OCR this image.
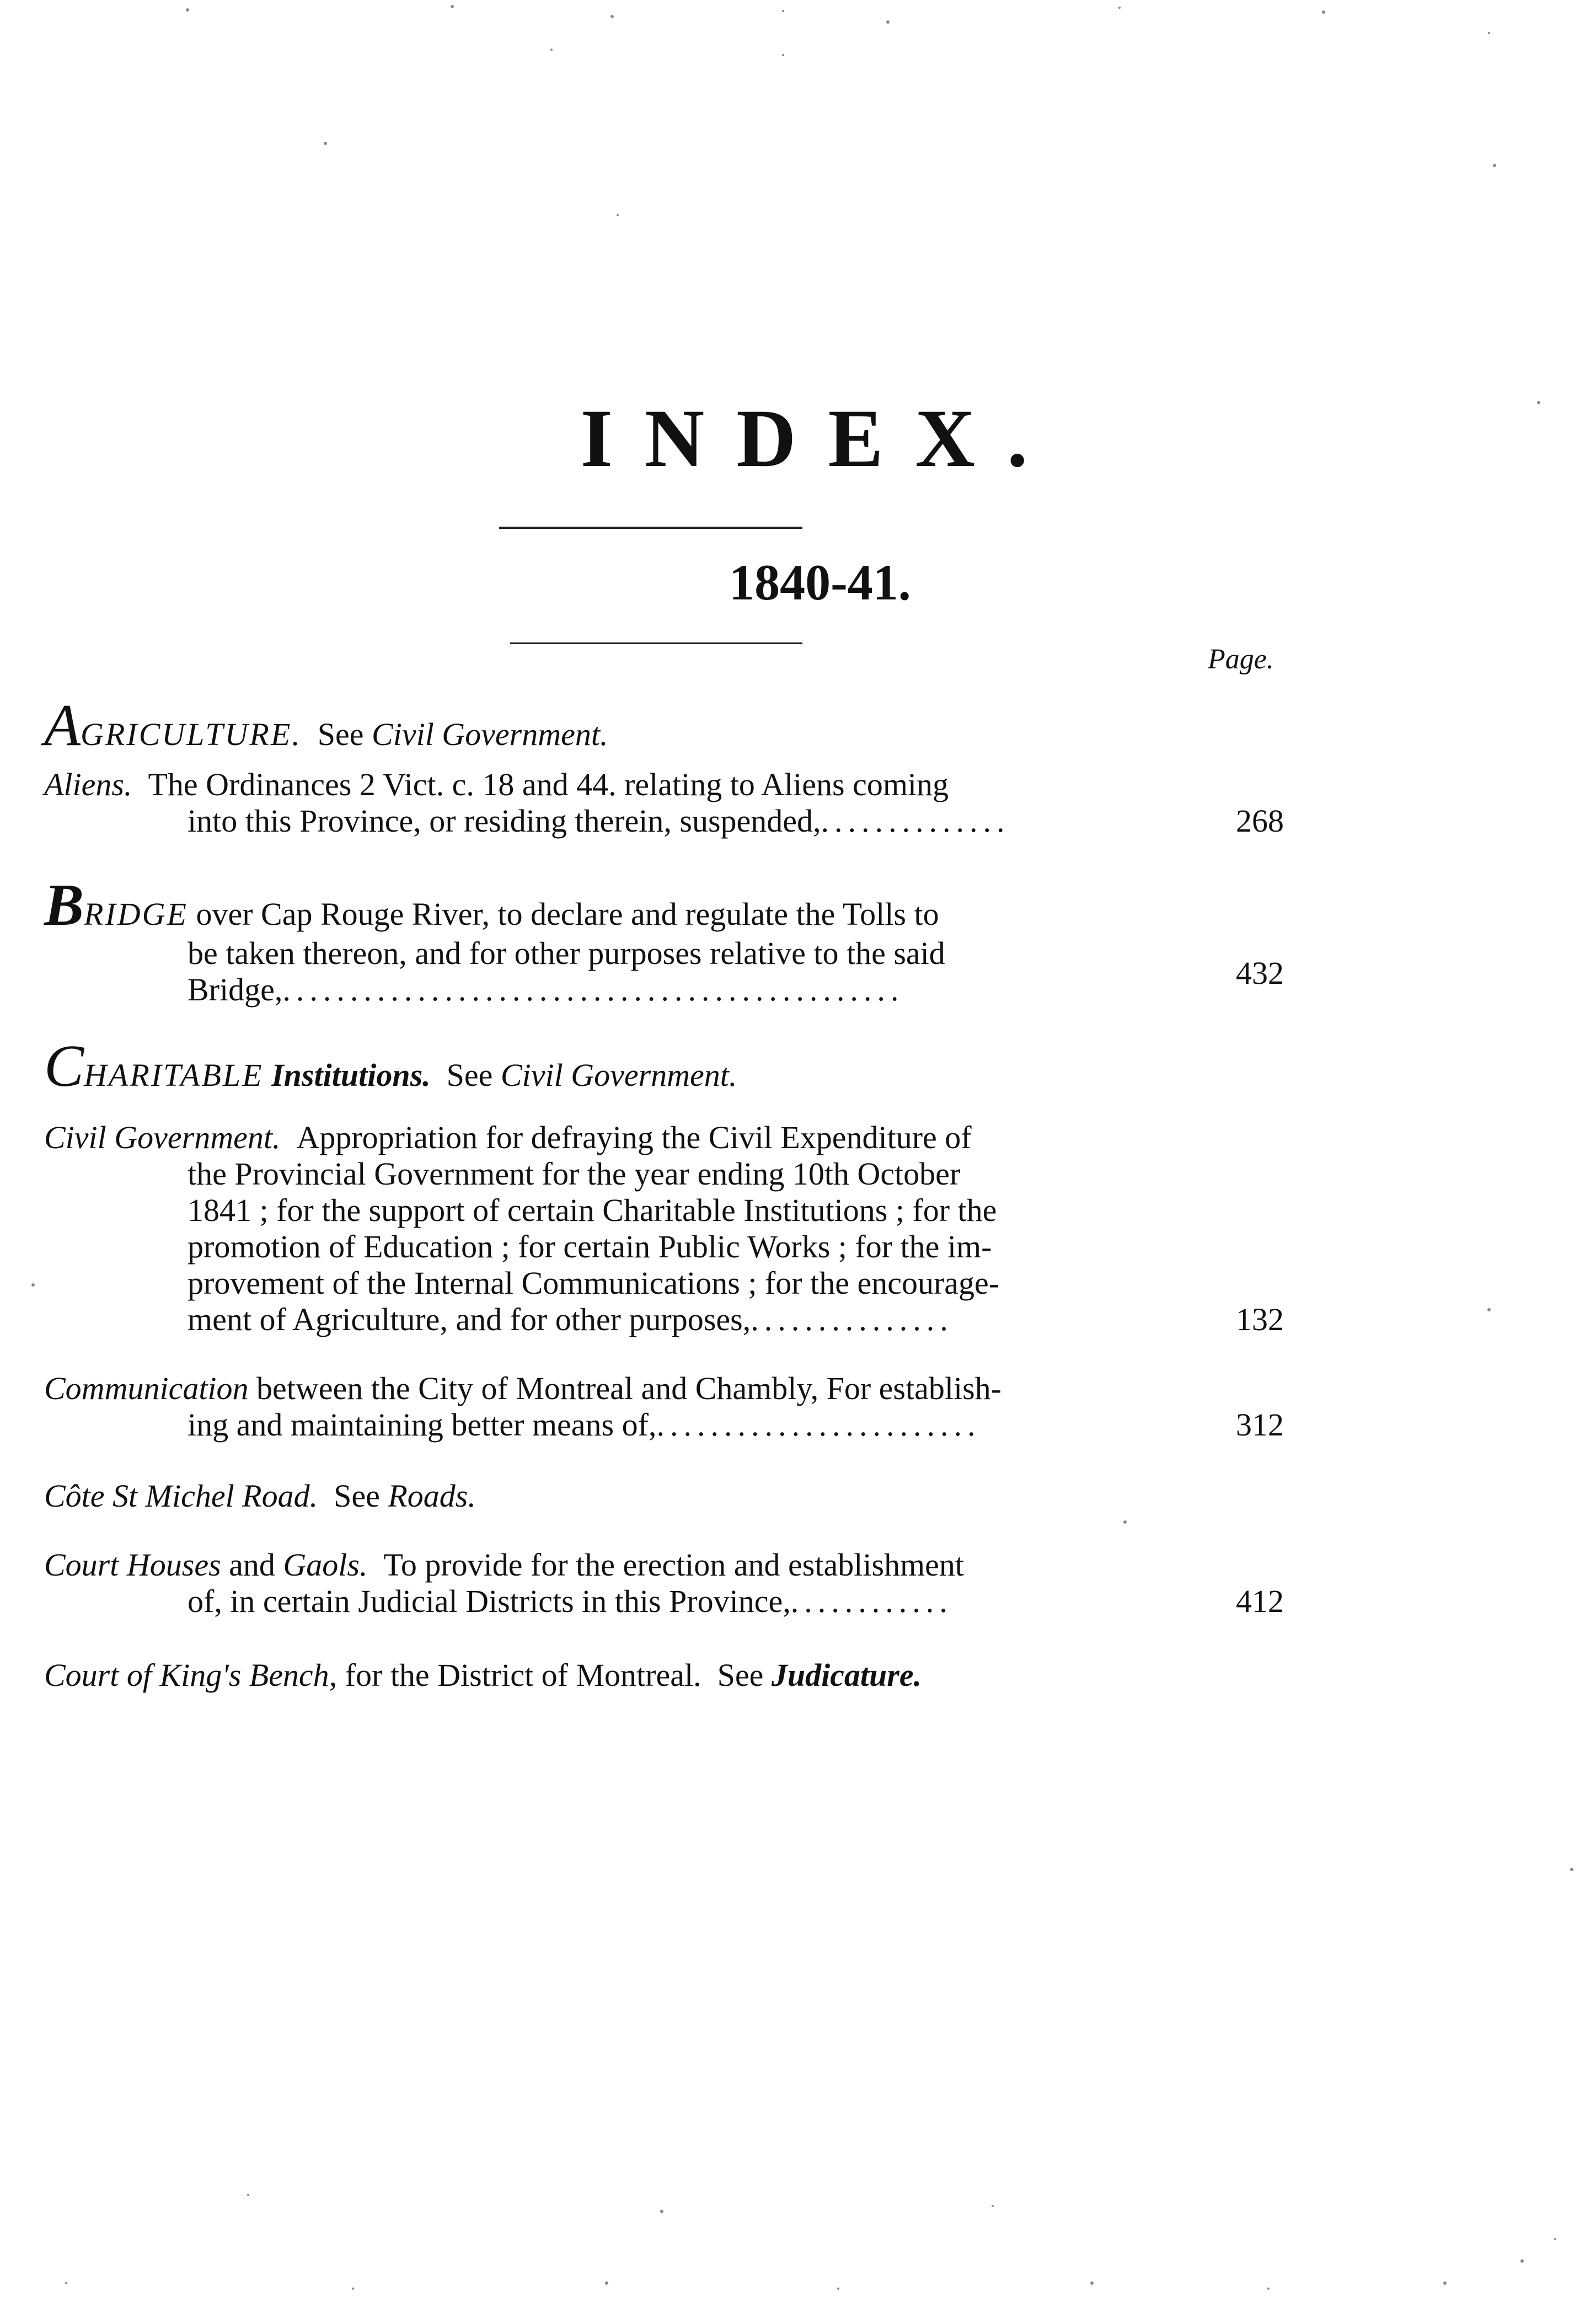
INDEX.
1840-41.
Page.
AGRICULTURE. See Civil Government.
Aliens. The Ordinances 2 Vict. c. 18 and 44. relating to Aliens coming
into this Province, or residing therein, suspended,..............	268
BRIDGE over Cap Rouge River, to declare and regulate the Tolls to
be taken thereon, and for other purposes relative to the said
Bridge,..............................................	432
CHARITABLE Institutions. See Civil Government.
Civil Government. Appropriation for defraying the Civil Expenditure of
the Provincial Government for the year ending 10th October
1841 ; for the support of certain Charitable Institutions ; for the
promotion of Education ; for certain Public Works ; for the im-
provement of the Internal Communications ; for the encourage-
ment of Agriculture, and for other purposes,...............	132
Communication between the City of Montreal and Chambly, For establish-
ing and maintaining better means of,........................	312
Côte St Michel Road. See Roads.
Court Houses and Gaols. To provide for the erection and establishment
of, in certain Judicial Districts in this Province,............	412
Court of King's Bench, for the District of Montreal. See Judicature.
